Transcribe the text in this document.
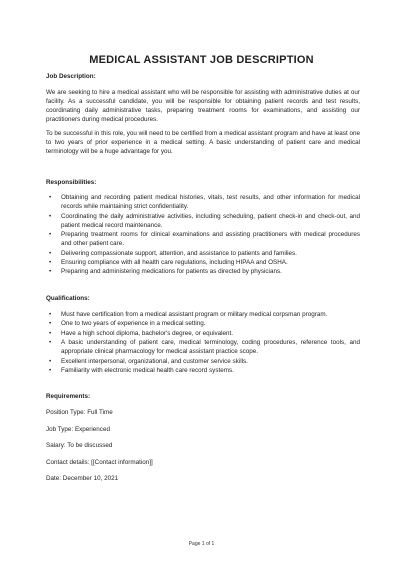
MEDICAL ASSISTANT JOB DESCRIPTION
Job Description:

We are seeking to hire a medical assistant who will be responsible for assisting with administrative duties at our facility. As a successful candidate, you will be responsible for obtaining patient records and test results, coordinating daily administrative tasks, preparing treatment rooms for examinations, and assisting our practitioners during medical procedures.

To be successful in this role, you will need to be certified from a medical assistant program and have at least one to two years of prior experience in a medical setting. A basic understanding of patient care and medical terminology will be a huge advantage for you.

Responsibilities:
• Obtaining and recording patient medical histories, vitals, test results, and other information for medical records while maintaining strict confidentiality.
• Coordinating the daily administrative activities, including scheduling, patient check-in and check-out, and patient medical record maintenance.
• Preparing treatment rooms for clinical examinations and assisting practitioners with medical procedures and other patient care.
• Delivering compassionate support, attention, and assistance to patients and families.
• Ensuring compliance with all health care regulations, including HIPAA and OSHA.
• Preparing and administering medications for patients as directed by physicians.
Qualifications:
• Must have certification from a medical assistant program or military medical corpsman program.
• One to two years of experience in a medical setting.
• Have a high school diploma, bachelor's degree, or equivalent.
• A basic understanding of patient care, medical terminology, coding procedures, reference tools, and appropriate clinical pharmacology for medical assistant practice scope.
• Excellent interpersonal, organizational, and customer service skills.
• Familiarity with electronic medical health care record systems.
Requirements:
Position Type: Full Time
Job Type: Experienced
Salary: To be discussed
Contact details: [[Contact information]]
Date: December 10, 2021
Page 1 of 1
